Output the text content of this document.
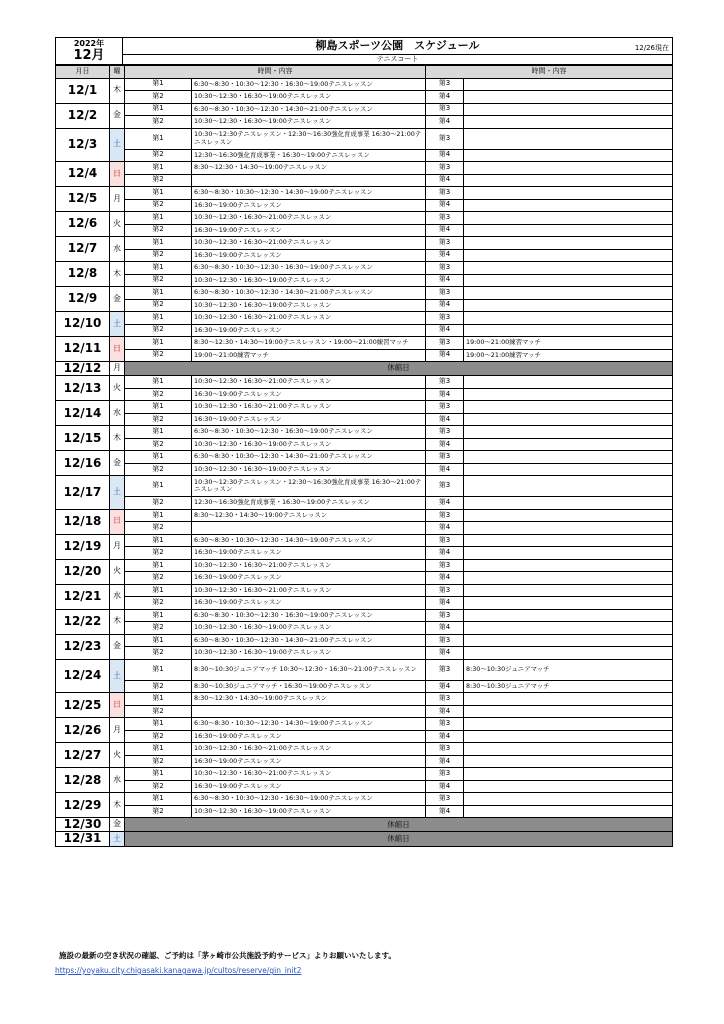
2022年
12月
	柳島スポーツ公園　スケジュール	12/26現在

テニスコート
月日	曜	時間・内容		時間・内容	
12/1	木	第1	6:30～8:30・10:30～12:30・16:30～19:00テニスレッスン	第3	
		第2	10:30～12:30・16:30～19:00テニスレッスン	第4	
12/2	金	第1	6:30～8:30・10:30～12:30・14:30～21:00テニスレッスン	第3	
		第2	10:30～12:30・16:30～19:00テニスレッスン	第4	
12/3	土	第1	10:30～12:30テニスレッスン・12:30～16:30強化育成事業 16:30～21:00テニスレッスン	第3	
		第2	12:30～16:30強化育成事業・16:30～19:00テニスレッスン	第4	
12/4	日	第1	8:30～12:30・14:30～19:00テニスレッスン	第3	
		第2		第4	
12/5	月	第1	6:30～8:30・10:30～12:30・14:30～19:00テニスレッスン	第3	
		第2	16:30～19:00テニスレッスン	第4	
12/6	火	第1	10:30～12:30・16:30～21:00テニスレッスン	第3	
		第2	16:30～19:00テニスレッスン	第4	
12/7	水	第1	10:30～12:30・16:30～21:00テニスレッスン	第3	
		第2	16:30～19:00テニスレッスン	第4	
12/8	木	第1	6:30～8:30・10:30～12:30・16:30～19:00テニスレッスン	第3	
		第2	10:30～12:30・16:30～19:00テニスレッスン	第4	
12/9	金	第1	6:30～8:30・10:30～12:30・14:30～21:00テニスレッスン	第3	
		第2	10:30～12:30・16:30～19:00テニスレッスン	第4	
12/10	土	第1	10:30～12:30・16:30～21:00テニスレッスン	第3	
		第2	16:30～19:00テニスレッスン	第4	
12/11	日	第1	8:30～12:30・14:30～19:00テニスレッスン・19:00～21:00練習マッチ	第3	19:00～21:00練習マッチ
		第2	19:00～21:00練習マッチ	第4	19:00～21:00練習マッチ
12/12	月	休館日			
12/13	火	第1	10:30～12:30・16:30～21:00テニスレッスン	第3	
		第2	16:30～19:00テニスレッスン	第4	
12/14	水	第1	10:30～12:30・16:30～21:00テニスレッスン	第3	
		第2	16:30～19:00テニスレッスン	第4	
12/15	木	第1	6:30～8:30・10:30～12:30・16:30～19:00テニスレッスン	第3	
		第2	10:30～12:30・16:30～19:00テニスレッスン	第4	
12/16	金	第1	6:30～8:30・10:30～12:30・14:30～21:00テニスレッスン	第3	
		第2	10:30～12:30・16:30～19:00テニスレッスン	第4	
12/17	土	第1	10:30～12:30テニスレッスン・12:30～16:30強化育成事業 16:30～21:00テニスレッスン	第3	
		第2	12:30～16:30強化育成事業・16:30～19:00テニスレッスン	第4	
12/18	日	第1	8:30～12:30・14:30～19:00テニスレッスン	第3	
		第2		第4	
12/19	月	第1	6:30～8:30・10:30～12:30・14:30～19:00テニスレッスン	第3	
		第2	16:30～19:00テニスレッスン	第4	
12/20	火	第1	10:30～12:30・16:30～21:00テニスレッスン	第3	
		第2	16:30～19:00テニスレッスン	第4	
12/21	水	第1	10:30～12:30・16:30～21:00テニスレッスン	第3	
		第2	16:30～19:00テニスレッスン	第4	
12/22	木	第1	6:30～8:30・10:30～12:30・16:30～19:00テニスレッスン	第3	
		第2	10:30～12:30・16:30～19:00テニスレッスン	第4	
12/23	金	第1	6:30～8:30・10:30～12:30・14:30～21:00テニスレッスン	第3	
		第2	10:30～12:30・16:30～19:00テニスレッスン	第4	
12/24	土	第1	8:30～10:30ジュニアマッチ 10:30～12:30・16:30～21:00テニスレッスン	第3	8:30～10:30ジュニアマッチ
		第2	8:30～10:30ジュニアマッチ・16:30～19:00テニスレッスン	第4	8:30～10:30ジュニアマッチ
12/25	日	第1	8:30～12:30・14:30～19:00テニスレッスン	第3	
		第2		第4	
12/26	月	第1	6:30～8:30・10:30～12:30・14:30～19:00テニスレッスン	第3	
		第2	16:30～19:00テニスレッスン	第4	
12/27	火	第1	10:30～12:30・16:30～21:00テニスレッスン	第3	
		第2	16:30～19:00テニスレッスン	第4	
12/28	水	第1	10:30～12:30・16:30～21:00テニスレッスン	第3	
		第2	16:30～19:00テニスレッスン	第4	
12/29	木	第1	6:30～8:30・10:30～12:30・16:30～19:00テニスレッスン	第3	
		第2	10:30～12:30・16:30～19:00テニスレッスン	第4	
12/30	金	休館日			
12/31	土	休館日			
施設の最新の空き状況の確認、ご予約は「茅ヶ崎市公共施設予約サービス」よりお願いいたします。
https://yoyaku.city.chigasaki.kanagawa.jp/cultos/reserve/gin_init2
